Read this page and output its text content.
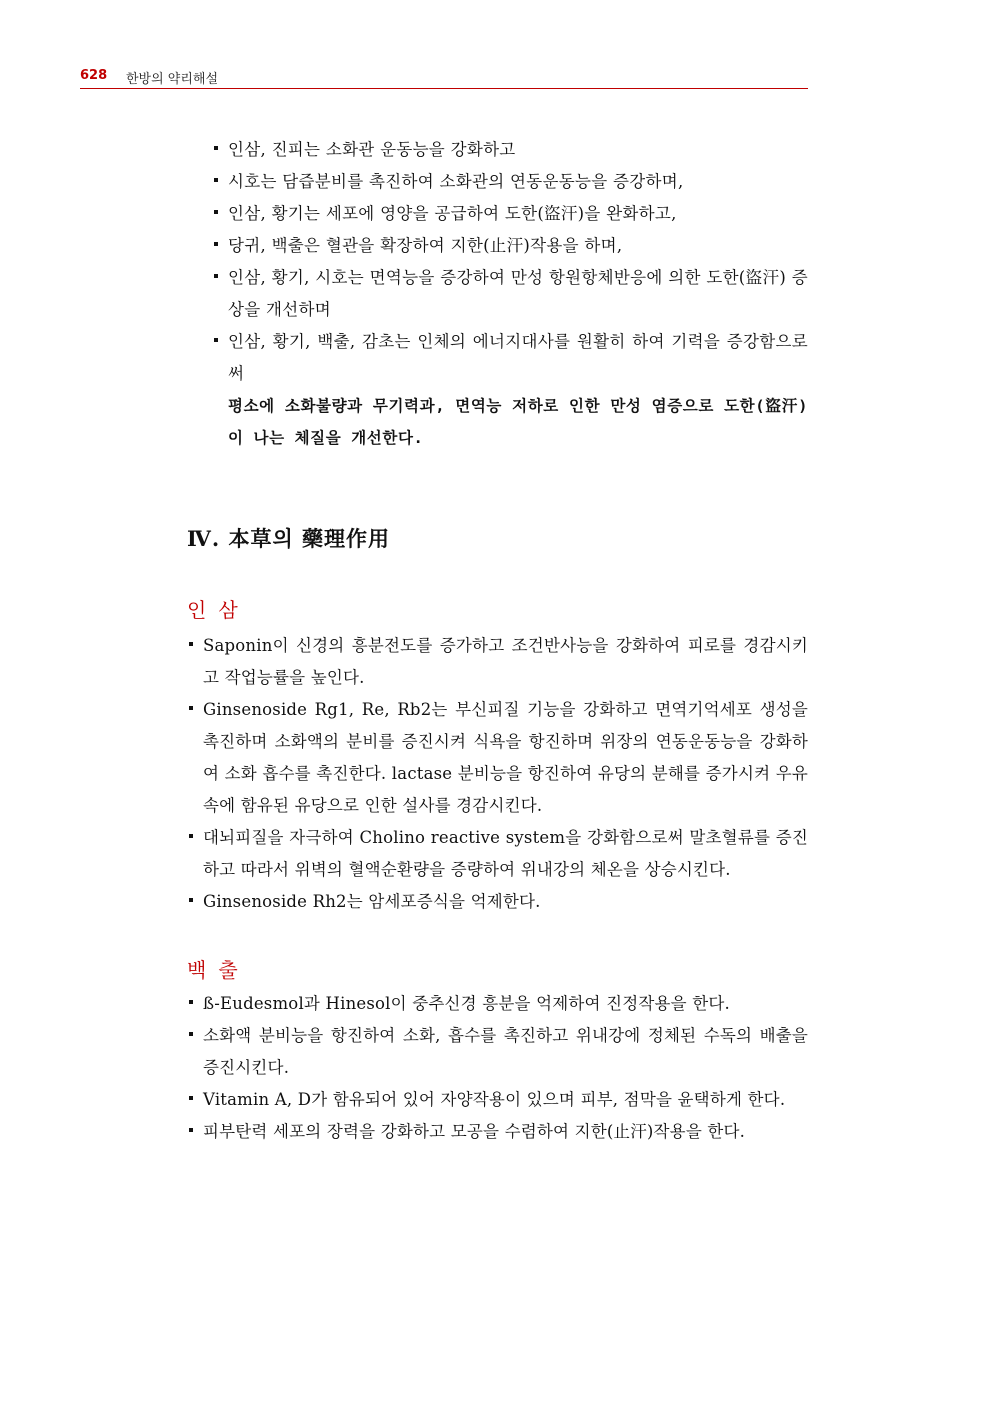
628 한방의 약리해설

인삼, 진피는 소화관 운동능을 강화하고

시호는 담즙분비를 촉진하여 소화관의 연동운동능을 증강하며,

인삼, 황기는 세포에 영양을 공급하여 도한(盜汗)을 완화하고,

당귀, 백출은 혈관을 확장하여 지한(止汗)작용을 하며,

인삼, 황기, 시호는 면역능을 증강하여 만성 항원항체반응에 의한 도한(盜汗) 증상을 개선하며

인삼, 황기, 백출, 감초는 인체의 에너지대사를 원활히 하여 기력을 증강함으로써

평소에 소화불량과 무기력과, 면역능 저하로 인한 만성 염증으로 도한(盜汗)이 나는 체질을 개선한다.

Ⅳ. 本草의 藥理作用
인삼

Saponin이 신경의 흥분전도를 증가하고 조건반사능을 강화하여 피로를 경감시키고 작업능률을 높인다.

Ginsenoside Rg1, Re, Rb2는 부신피질 기능을 강화하고 면역기억세포 생성을 촉진하며 소화액의 분비를 증진시켜 식욕을 항진하며 위장의 연동운동능을 강화하여 소화 흡수를 촉진한다. lactase 분비능을 항진하여 유당의 분해를 증가시켜 우유 속에 함유된 유당으로 인한 설사를 경감시킨다.

대뇌피질을 자극하여 Cholino reactive system을 강화함으로써 말초혈류를 증진하고 따라서 위벽의 혈액순환량을 증량하여 위내강의 체온을 상승시킨다.

Ginsenoside Rh2는 암세포증식을 억제한다.

백출

ß-Eudesmol과 Hinesol이 중추신경 흥분을 억제하여 진정작용을 한다.

소화액 분비능을 항진하여 소화, 흡수를 촉진하고 위내강에 정체된 수독의 배출을 증진시킨다.

Vitamin A, D가 함유되어 있어 자양작용이 있으며 피부, 점막을 윤택하게 한다.

피부탄력 세포의 장력을 강화하고 모공을 수렴하여 지한(止汗)작용을 한다.
